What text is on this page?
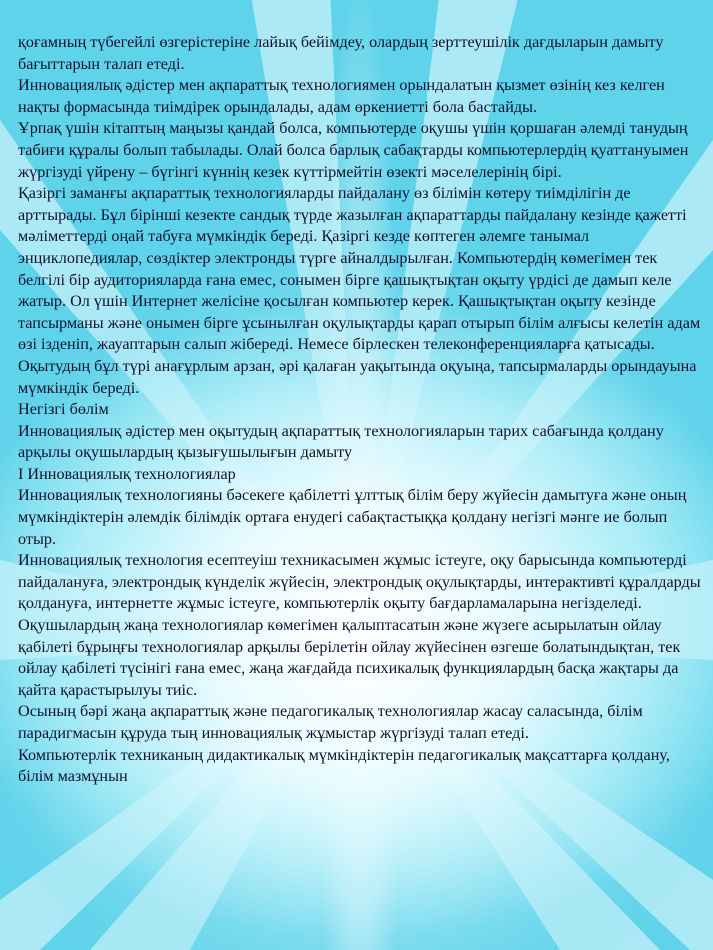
қоғамның түбегейлі өзгерістеріне лайық бейімдеу, олардың зерттеушілік дағдыларын дамыту бағыттарын талап етеді.

Инновациялық әдістер мен ақпараттық технологиямен орындалатын қызмет өзінің кез келген нақты формасында тиімдірек орындалады, адам өркениетті бола бастайды.

Ұрпақ үшін кітаптың маңызы қандай болса, компьютерде оқушы үшін қоршаған әлемді танудың табиғи құралы болып табылады. Олай болса барлық сабақтарды компьютерлердің қуаттануымен жүргізуді үйрену – бүгінгі күннің кезек күттірмейтін өзекті мәселелерінің бірі.

Қазіргі заманғы ақпараттық технологияларды пайдалану өз білімін көтеру тиімділігін де арттырады. Бұл бірінші кезекте сандық түрде жазылған ақпараттарды пайдалану кезінде қажетті мәліметтерді оңай табуға мүмкіндік береді. Қазіргі кезде көптеген әлемге танымал энциклопедиялар, сөздіктер электронды түрге айналдырылған. Компьютердің көмегімен тек белгілі бір аудиторияларда ғана емес, сонымен бірге қашықтықтан оқыту үрдісі де дамып келе жатыр. Ол үшін Интернет желісіне қосылған компьютер керек. Қашықтықтан оқыту кезінде тапсырманы және онымен бірге ұсынылған оқулықтарды қарап отырып білім алғысы келетін адам өзі ізденіп, жауаптарын салып жібереді. Немесе бірлескен телеконференцияларға қатысады. Оқытудың бұл түрі анағұрлым арзан, әрі қалаған уақытында оқуыңа, тапсырмаларды орындауына мүмкіндік береді.

Негізгі бөлім

Инновациялық әдістер мен оқытудың ақпараттық технологияларын тарих сабағында қолдану арқылы оқушылардың қызығушылығын дамыту

І Инновациялық технологиялар

Инновациялық технологияны бәсекеге қабілетті ұлттық білім беру жүйесін дамытуға және оның мүмкіндіктерін әлемдік білімдік ортаға енудегі сабақтастыққа қолдану негізгі мәнге ие болып отыр.

Инновациялық технология есептеуіш техникасымен жұмыс істеуге, оқу барысында компьютерді пайдалануға, электрондық күнделік жүйесін, электрондық оқулықтарды, интерактивті құралдарды қолдануға, интернетте жұмыс істеуге, компьютерлік оқыту бағдарламаларына негізделеді.

Оқушылардың жаңа технологиялар көмегімен қалыптасатын және жүзеге асырылатын ойлау қабілеті бұрыңғы технологиялар арқылы берілетін ойлау жүйесінен өзгеше болатындықтан, тек ойлау қабілеті түсінігі ғана емес, жаңа жағдайда психикалық функциялардың басқа жақтары да қайта қарастырылуы тиіс.

Осының бәрі жаңа ақпараттық және педагогикалық технологиялар жасау саласында, білім парадигмасын құруда тың инновациялық жұмыстар жүргізуді талап етеді.

Компьютерлік техниканың дидактикалық мүмкіндіктерін педагогикалық мақсаттарға қолдану, білім мазмұнын
